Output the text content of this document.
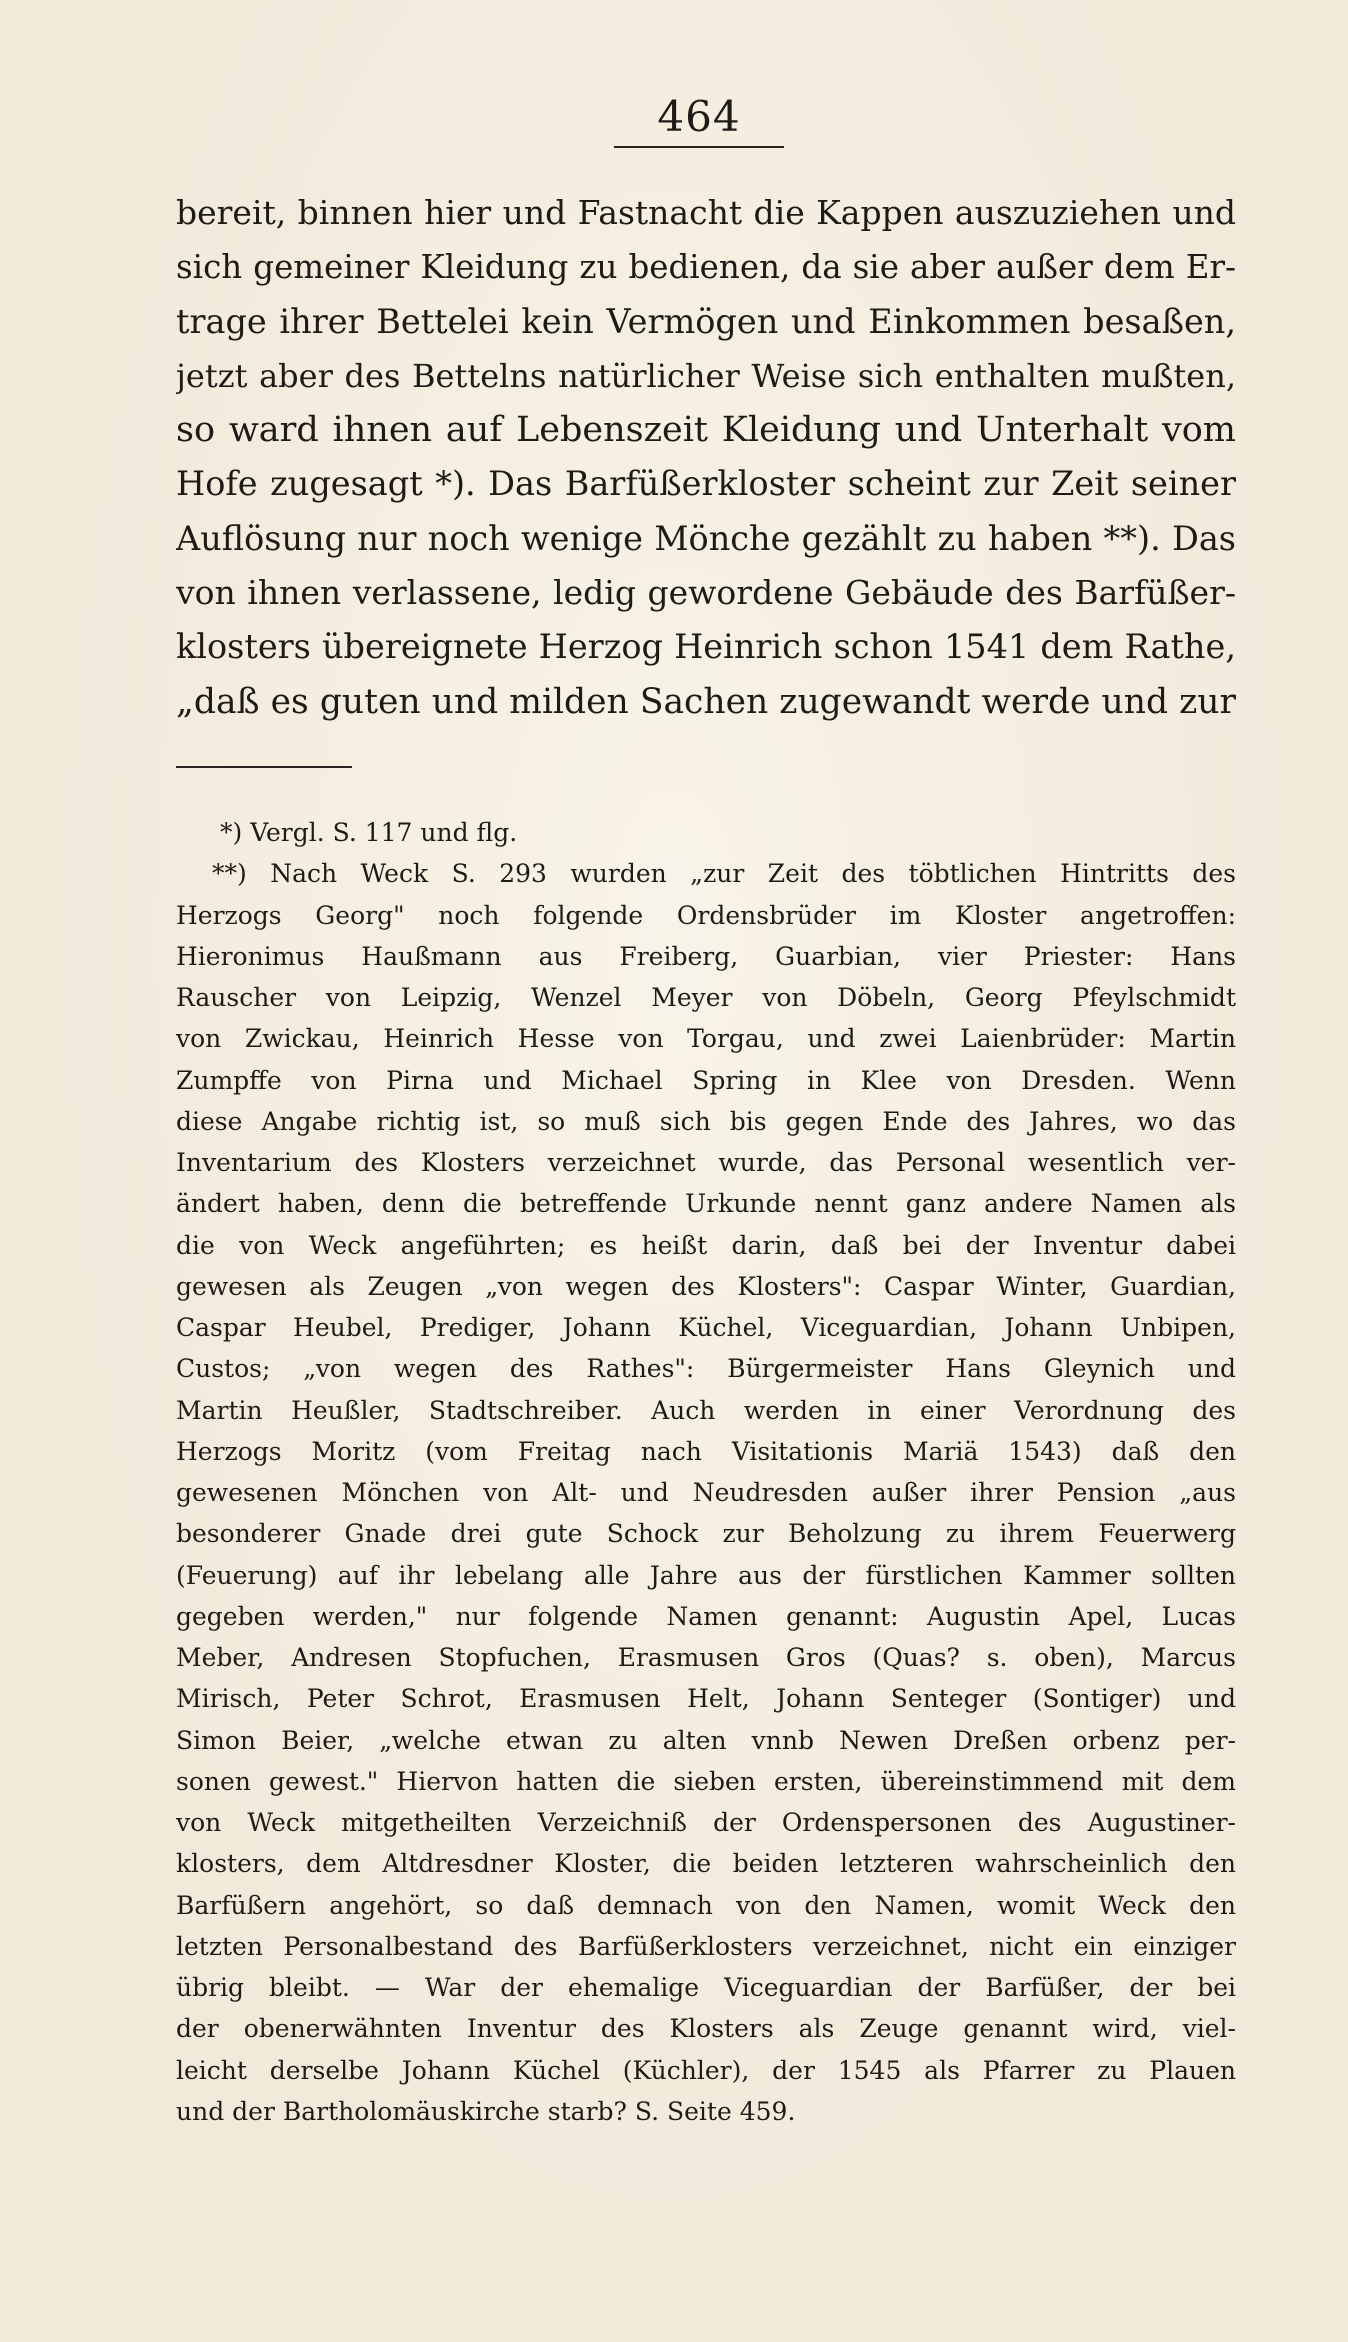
464
bereit, binnen hier und Fastnacht die Kappen auszuziehen und
sich gemeiner Kleidung zu bedienen, da sie aber außer dem Er-
trage ihrer Bettelei kein Vermögen und Einkommen besaßen,
jetzt aber des Bettelns natürlicher Weise sich enthalten mußten,
so ward ihnen auf Lebenszeit Kleidung und Unterhalt vom
Hofe zugesagt *). Das Barfüßerkloster scheint zur Zeit seiner
Auflösung nur noch wenige Mönche gezählt zu haben **). Das
von ihnen verlassene, ledig gewordene Gebäude des Barfüßer-
klosters übereignete Herzog Heinrich schon 1541 dem Rathe,
„daß es guten und milden Sachen zugewandt werde und zur
*) Vergl. S. 117 und flg.
**) Nach Weck S. 293 wurden „zur Zeit des töbtlichen Hintritts des
Herzogs Georg" noch folgende Ordensbrüder im Kloster angetroffen:
Hieronimus Haußmann aus Freiberg, Guarbian, vier Priester: Hans
Rauscher von Leipzig, Wenzel Meyer von Döbeln, Georg Pfeylschmidt
von Zwickau, Heinrich Hesse von Torgau, und zwei Laienbrüder: Martin
Zumpffe von Pirna und Michael Spring in Klee von Dresden. Wenn
diese Angabe richtig ist, so muß sich bis gegen Ende des Jahres, wo das
Inventarium des Klosters verzeichnet wurde, das Personal wesentlich ver-
ändert haben, denn die betreffende Urkunde nennt ganz andere Namen als
die von Weck angeführten; es heißt darin, daß bei der Inventur dabei
gewesen als Zeugen „von wegen des Klosters": Caspar Winter, Guardian,
Caspar Heubel, Prediger, Johann Küchel, Viceguardian, Johann Unbipen,
Custos; „von wegen des Rathes": Bürgermeister Hans Gleynich und
Martin Heußler, Stadtschreiber. Auch werden in einer Verordnung des
Herzogs Moritz (vom Freitag nach Visitationis Mariä 1543) daß den
gewesenen Mönchen von Alt- und Neudresden außer ihrer Pension „aus
besonderer Gnade drei gute Schock zur Beholzung zu ihrem Feuerwerg
(Feuerung) auf ihr lebelang alle Jahre aus der fürstlichen Kammer sollten
gegeben werden," nur folgende Namen genannt: Augustin Apel, Lucas
Meber, Andresen Stopfuchen, Erasmusen Gros (Quas? s. oben), Marcus
Mirisch, Peter Schrot, Erasmusen Helt, Johann Senteger (Sontiger) und
Simon Beier, „welche etwan zu alten vnnb Newen Dreßen orbenz per-
sonen gewest." Hiervon hatten die sieben ersten, übereinstimmend mit dem
von Weck mitgetheilten Verzeichniß der Ordenspersonen des Augustiner-
klosters, dem Altdresdner Kloster, die beiden letzteren wahrscheinlich den
Barfüßern angehört, so daß demnach von den Namen, womit Weck den
letzten Personalbestand des Barfüßerklosters verzeichnet, nicht ein einziger
übrig bleibt. — War der ehemalige Viceguardian der Barfüßer, der bei
der obenerwähnten Inventur des Klosters als Zeuge genannt wird, viel-
leicht derselbe Johann Küchel (Küchler), der 1545 als Pfarrer zu Plauen
und der Bartholomäuskirche starb? S. Seite 459.
